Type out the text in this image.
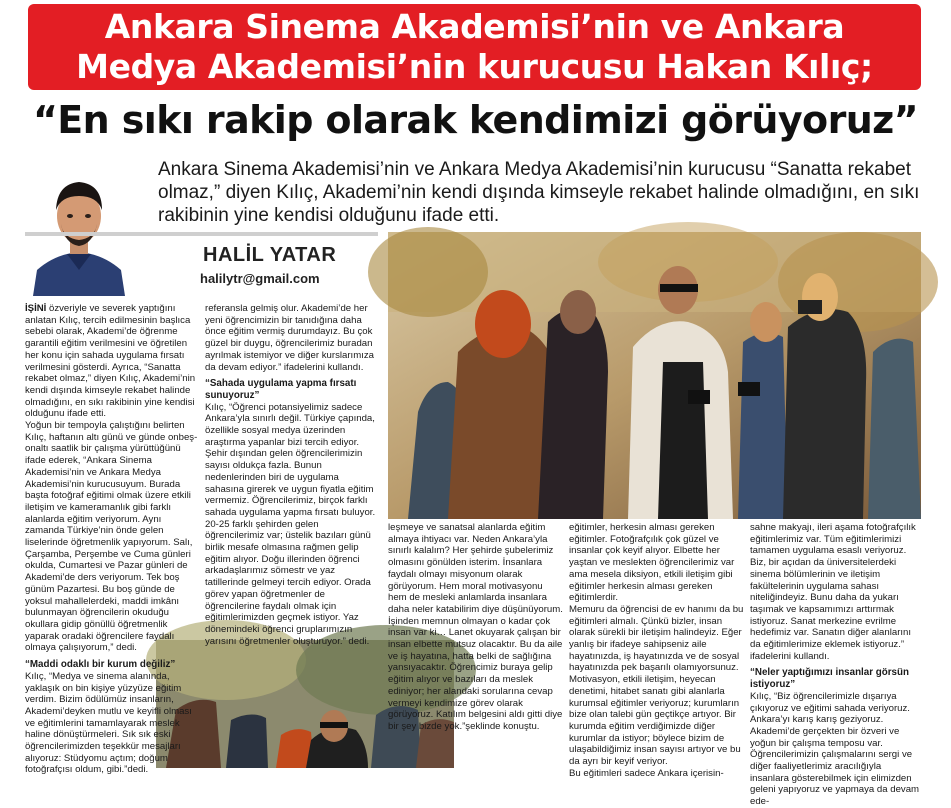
Ankara Sinema Akademisi’nin ve Ankara
Medya Akademisi’nin kurucusu Hakan Kılıç;
“En sıkı rakip olarak kendimizi görüyoruz”
Ankara Sinema Akademisi’nin ve Ankara Medya Akademisi’nin kurucusu “Sanatta rekabet olmaz,” diyen Kılıç, Akademi’nin kendi dışında kimseyle rekabet halinde olmadığını, en sıkı rakibinin yine kendisi olduğunu ifade etti.
HALİL YATAR
halilytr@gmail.com

İŞİNİ özveriyle ve severek yaptığını anlatan Kılıç, tercih edilmesinin başlıca sebebi olarak, Akademi’de öğrenme garantili eğitim verilmesini ve öğretilen her konu için sahada uygulama fırsatı verilmesini gösterdi. Ayrıca, “Sanatta rekabet olmaz,” diyen Kılıç, Akademi’nin kendi dışında kimseyle rekabet halinde olmadığını, en sıkı rakibinin yine kendisi olduğunu ifade etti.

Yoğun bir tempoyla çalıştığını belirten Kılıç, haftanın altı günü ve günde onbeş-onaltı saatlik bir çalışma yürüttüğünü ifade ederek, “Ankara Sinema Akademisi’nin ve Ankara Medya Akademisi’nin kurucusuyum. Burada başta fotoğraf eğitimi olmak üzere etkili iletişim ve kameramanlık gibi farklı alanlarda eğitim veriyorum. Aynı zamanda Türkiye’nin önde gelen liselerinde öğretmenlik yapıyorum. Salı, Çarşamba, Perşembe ve Cuma günleri okulda, Cumartesi ve Pazar günleri de Akademi’de ders veriyorum. Tek boş günüm Pazartesi. Bu boş günde de yoksul mahallelerdeki, maddi imkânı bulunmayan öğrencilerin okuduğu okullara gidip gönüllü öğretmenlik yaparak oradaki öğrencilere faydalı olmaya çalışıyorum,” dedi.

“Maddi odaklı bir kurum değiliz”

Kılıç, “Medya ve sinema alanında, yaklaşık on bin kişiye yüzyüze eğitim verdim. Bizim ödülümüz insanların, Akademi’deyken mutlu ve keyifli olması ve eğitimlerini tamamlayarak meslek haline dönüştürmeleri. Sık sık eski öğrencilerimizden teşekkür mesajları alıyoruz: Stüdyomu açtım; doğum fotoğrafçısı oldum, gibi.”dedi.

referansla gelmiş olur. Akademi’de her yeni öğrencimizin bir tanıdığına daha önce eğitim vermiş durumdayız. Bu çok güzel bir duygu, öğrencilerimiz buradan ayrılmak istemiyor ve diğer kurslarımıza da devam ediyor.” ifadelerini kullandı.

“Sahada uygulama yapma fırsatı sunuyoruz”

Kılıç, “Öğrenci potansiyelimiz sadece Ankara’yla sınırlı değil. Türkiye çapında, özellikle sosyal medya üzerinden araştırma yapanlar bizi tercih ediyor. Şehir dışından gelen öğrencilerimizin sayısı oldukça fazla. Bunun nedenlerinden biri de uygulama sahasına girerek ve uygun fiyatla eğitim vermemiz. Öğrencilerimiz, birçok farklı sahada uygulama yapma fırsatı buluyor. 20-25 farklı şehirden gelen öğrencilerimiz var; üstelik bazıları günü birlik mesafe olmasına rağmen gelip eğitim alıyor. Doğu illerinden öğrenci arkadaşlarımız sömestr ve yaz tatillerinde gelmeyi tercih ediyor. Orada görev yapan öğretmenler de öğrencilerine faydalı olmak için eğitimlerimizden geçmek istiyor. Yaz dönemindeki öğrenci gruplarımızın yarısını öğretmenler oluşturuyor.” dedi.

leşmeye ve sanatsal alanlarda eğitim almaya ihtiyacı var. Neden Ankara’yla sınırlı kalalım? Her şehirde şubelerimiz olmasını gönülden isterim. İnsanlara faydalı olmayı misyonum olarak görüyorum. Hem moral motivasyonu hem de mesleki anlamlarda insanlara daha neler katabilirim diye düşünüyorum. İşinden memnun olmayan o kadar çok insan var ki… Lanet okuyarak çalışan bir insan elbette mutsuz olacaktır. Bu da aile ve iş hayatına, hatta belki de sağlığına yansıyacaktır. Öğrencimiz buraya gelip eğitim alıyor ve bazıları da meslek ediniyor; her alandaki sorularına cevap vermeyi kendimize görev olarak görüyoruz. Katılım belgesini aldı gitti diye bir şey bizde yok.”şeklinde konuştu.

eğitimler, herkesin alması gereken eğitimler. Fotoğrafçılık çok güzel ve insanlar çok keyif alıyor. Elbette her yaştan ve meslekten öğrencilerimiz var ama mesela diksiyon, etkili iletişim gibi eğitimler herkesin alması gereken eğitimlerdir.

Memuru da öğrencisi de ev hanımı da bu eğitimleri almalı. Çünkü bizler, insan olarak sürekli bir iletişim halindeyiz. Eğer yanlış bir ifadeye sahipseniz aile hayatınızda, iş hayatınızda ve de sosyal hayatınızda pek başarılı olamıyorsunuz.

Motivasyon, etkili iletişim, heyecan denetimi, hitabet sanatı gibi alanlarla kurumsal eğitimler veriyoruz; kurumların bize olan talebi gün geçtikçe artıyor. Bir kurumda eğitim verdiğimizde diğer kurumlar da istiyor; böylece bizim de ulaşabildiğimiz insan sayısı artıyor ve bu da ayrı bir keyif veriyor.

Bu eğitimleri sadece Ankara içerisin-

sahne makyajı, ileri aşama fotoğrafçılık eğitimlerimiz var. Tüm eğitimlerimizi tamamen uygulama esaslı veriyoruz. Biz, bir açıdan da üniversitelerdeki sinema bölümlerinin ve iletişim fakültelerinin uygulama sahası niteliğindeyiz. Bunu daha da yukarı taşımak ve kapsamımızı arttırmak istiyoruz. Sanat merkezine evrilme hedefimiz var. Sanatın diğer alanlarını da eğitimlerimize eklemek istiyoruz.” ifadelerini kullandı.

“Neler yaptığımızı insanlar görsün istiyoruz”

Kılıç, “Biz öğrencilerimizle dışarıya çıkıyoruz ve eğitimi sahada veriyoruz. Ankara’yı karış karış geziyoruz. Akademi’de gerçekten bir özveri ve yoğun bir çalışma temposu var. Öğrencilerimizin çalışmalarını sergi ve diğer faaliyetlerimiz aracılığıyla insanlara gösterebilmek için elimizden geleni yapıyoruz ve yapmaya da devam ede-
